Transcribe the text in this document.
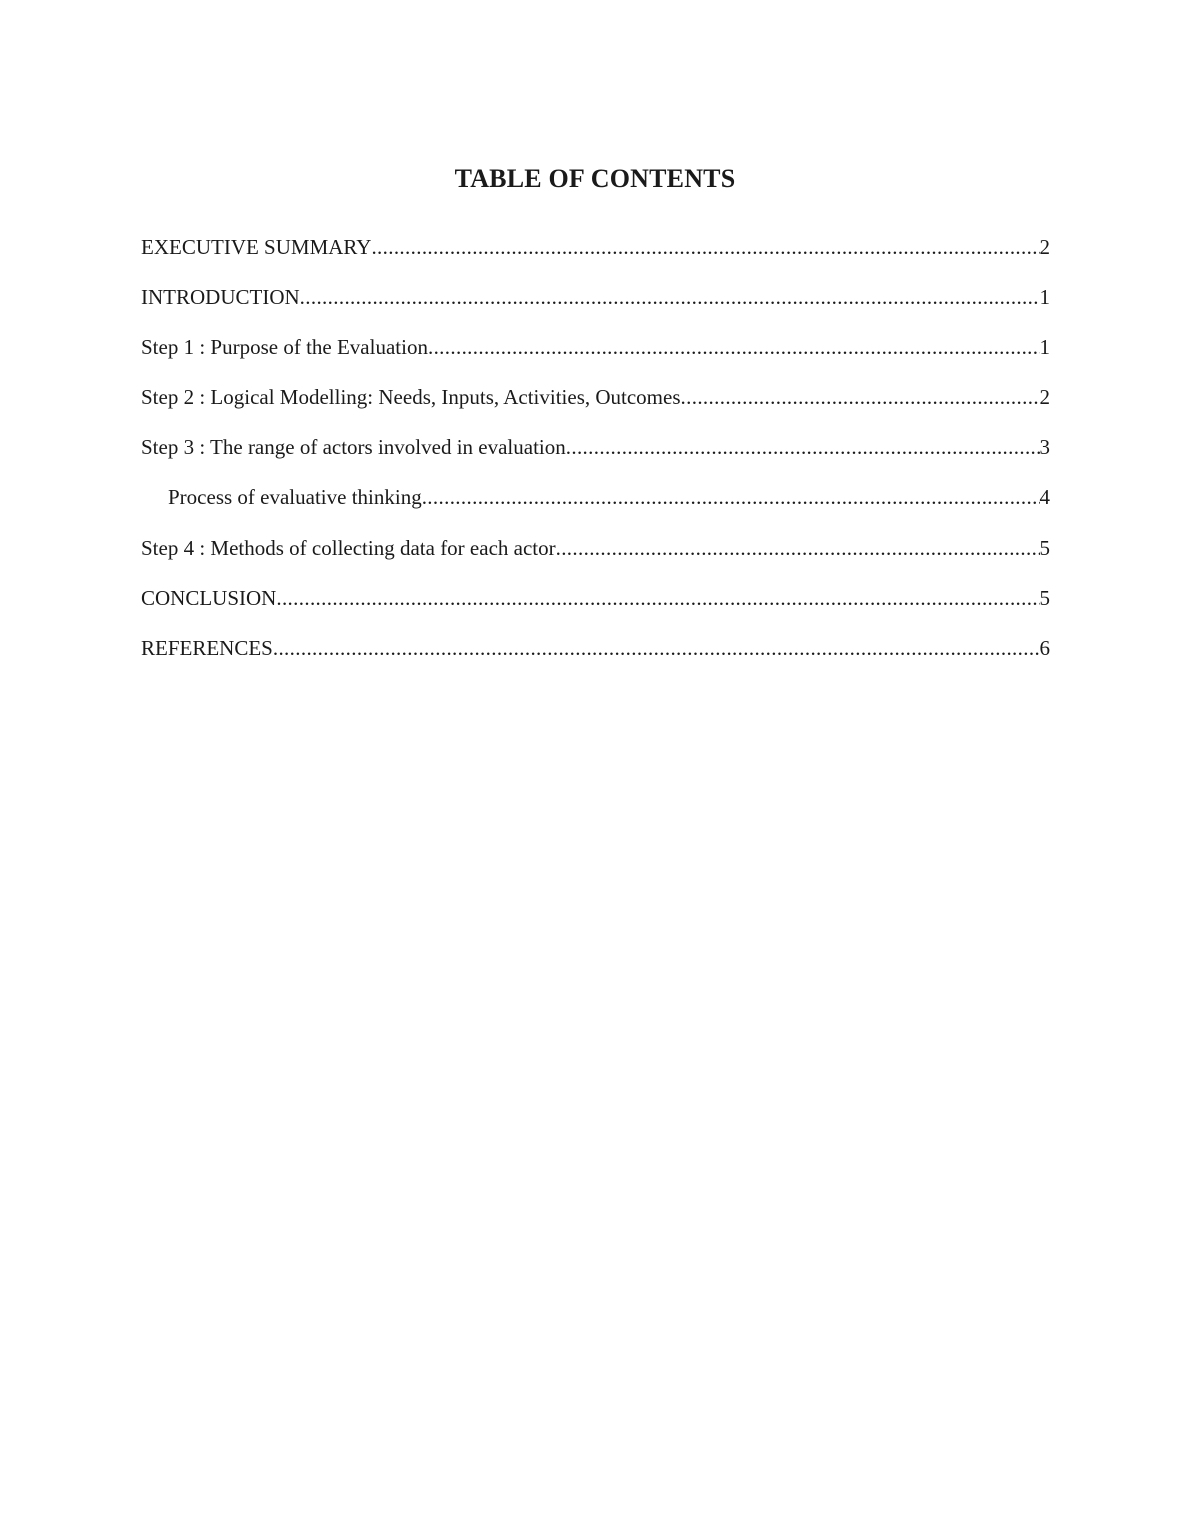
TABLE OF CONTENTS
EXECUTIVE SUMMARY .....	2
INTRODUCTION .....	1
Step 1 : Purpose of the Evaluation .....	1
Step 2 : Logical Modelling: Needs, Inputs, Activities, Outcomes .....	2
Step 3 : The range of actors involved in evaluation .....	3
Process of evaluative thinking .....	4
Step 4 : Methods of collecting data for each actor .....	5
CONCLUSION .....	5
REFERENCES .....	6
